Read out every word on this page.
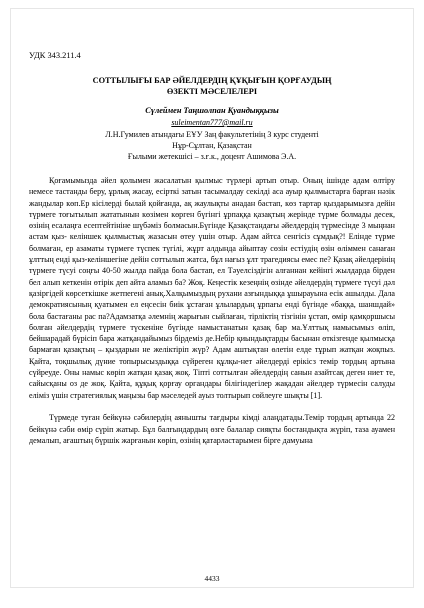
УДК 343.211.4
СОТТЫЛЫҒЫ БАР ӘЙЕЛДЕРДІҢ ҚҰҚЫҒЫН ҚОРҒАУДЫҢ
ӨЗЕКТІ МӘСЕЛЕЛЕРІ
Сүлеймен Таңшолпан Қуандыққызы
suleimentan777@mail.ru
Л.Н.Гумилев атындағы ЕҰУ Заң факультетінің 3 курс студенті
Нұр-Сұлтан, Қазақстан
Ғылыми жетекшісі – з.ғ.к., доцент Ашимова Э.А.

Қоғамымызда әйел қолымен жасалатын қылмыс түрлері артып отыр. Оның ішінде адам өлтіру немесе тастанды беру, ұрлық жасау, есірткі затын тасымалдау секілді аса ауыр қылмыстарға барған нәзік жандылар көп.Ер кісілерді былай қойғанда, ақ жаулықты анадан бастап, көз тартар қыздарымызға дейін түрмеге тоғытылып жататынын көзімен көрген бүгінгі ұрпаққа қазақтың жерінде түрме болмады десек, өзінің есалаңға есептейтініне шүбәміз болмасын.Бүгінде Қазақстандағы әйелдердің түрмесінде 3 мыңнан астам қыз- келіншек қылмыстық жазасын өтеу үшін отыр. Адам айтса сенгісіз сұмдық?! Елінде түрме болмаған, ер азаматы түрмеге түспек түгілі, жұрт алдында айыптау сөзін естіудің өзін өліммен санаған ұлттың енді қыз-келіншегіне дейін соттылып жатса, бұл нағыз ұлт трагедиясы емес пе? Қазақ әйелдерінің түрмеге түсуі соңғы 40-50 жылда пайда бола бастап, ел Тәуелсіздігін алғаннан кейінгі жылдарда бірден бел алып кеткенін өтірік деп айта аламыз ба? Жоқ. Кеңестік кезеңнің өзінде әйелдердің түрмеге түсуі дәл қазіргідей көрсеткішке жетпегені анық.Халқымыздың рухани азғындыққа ұшырауына есік ашылды. Дала демократиясының қуатымен ел еңсесін биік ұстаған ұлылардың ұрпағы енді бүгінде «баққа, шаншдай» бола бастағаны рас па?Адамзатқа әлемнің жарығын сыйлаған, тірліктің тізгінін ұстап, өмір қамқоршысы болған әйелдердің түрмеге түскеніне бүгінде намыстанатын қазақ бар ма.Ұлттық намысымыз өліп, бейшарадай бүрісіп бара жатқандайымыз бірдеміз де.Небір қиындықтарды басынан өткізгенде қылмысқа бармаған қазақтың – қыздарын не желіктіріп жүр? Адам аштықтан өлетін елде тұрып жатқан жоқпыз. Қайта, тоқшылық дүние топырысыздыққа сүйреген құлқы-нет әйелдерді ерікісз темір тордың артына сүйреуде. Оны намыс көріп жатқан қазақ жоқ. Тіпті соттылған әйелдердің санын азайтсақ деген ниет те, сайысқаны оз де жоқ. Қайта, құқық қорғау органдары білігіндегілер жақадан әйелдер түрмесін салуды еліміз үшін стратегиялық маңызы бар мәселедей ауыз толтырып сөйлеуге шықты [1].

Түрмеде туған бейкүнә сәбилердің аянышты тағдыры кімді алаңдатады.Темір тордың артында 22 бейкүнә сәби өмір сүріп жатыр. Бұл балғындардың өзге балалар сияқты бостандықта жүріп, таза ауамен демалып, ағаштың бүршік жарғанын көріп, өзінің қатарластарымен бірге дамуына

4433
